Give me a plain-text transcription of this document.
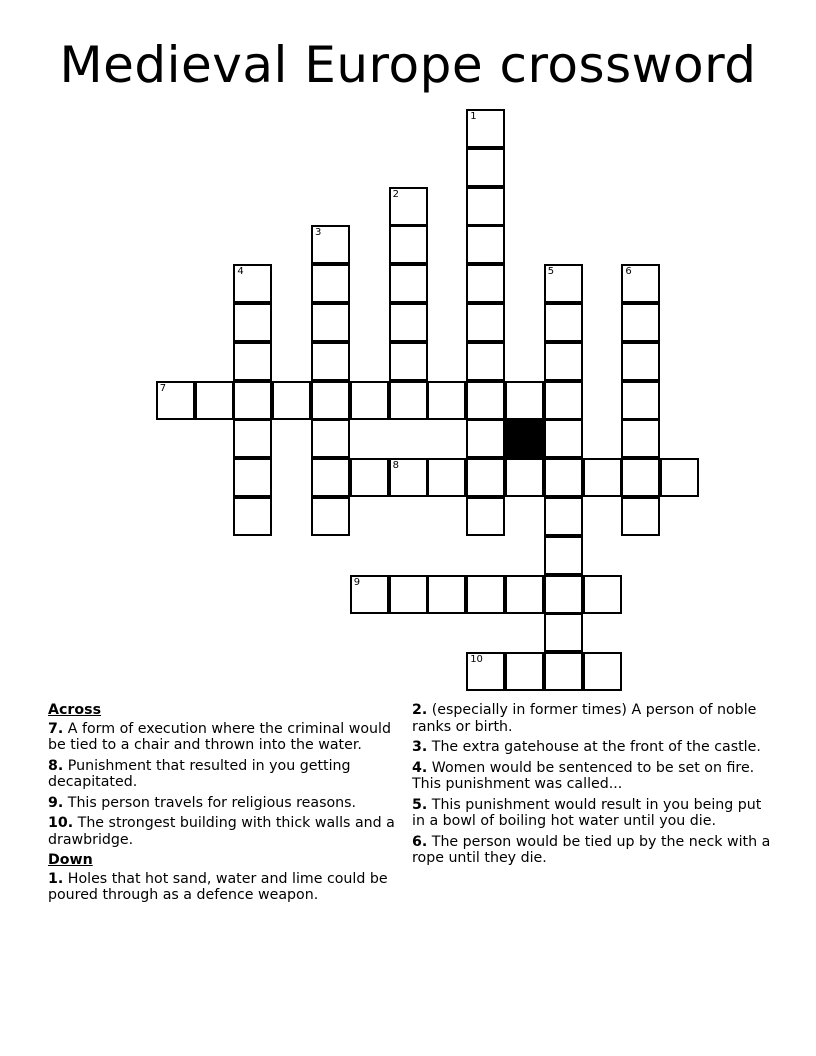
Medieval Europe crossword
1
2
3
4	5	6
7
8
9
10
Across
7. A form of execution where the criminal would be tied to a chair and thrown into the water.
8. Punishment that resulted in you getting decapitated.
9. This person travels for religious reasons.
10. The strongest building with thick walls and a drawbridge.
Down
1. Holes that hot sand, water and lime could be poured through as a defence weapon.
2. (especially in former times) A person of noble ranks or birth.
3. The extra gatehouse at the front of the castle.
4. Women would be sentenced to be set on fire. This punishment was called...
5. This punishment would result in you being put in a bowl of boiling hot water until you die.
6. The person would be tied up by the neck with a rope until they die.
